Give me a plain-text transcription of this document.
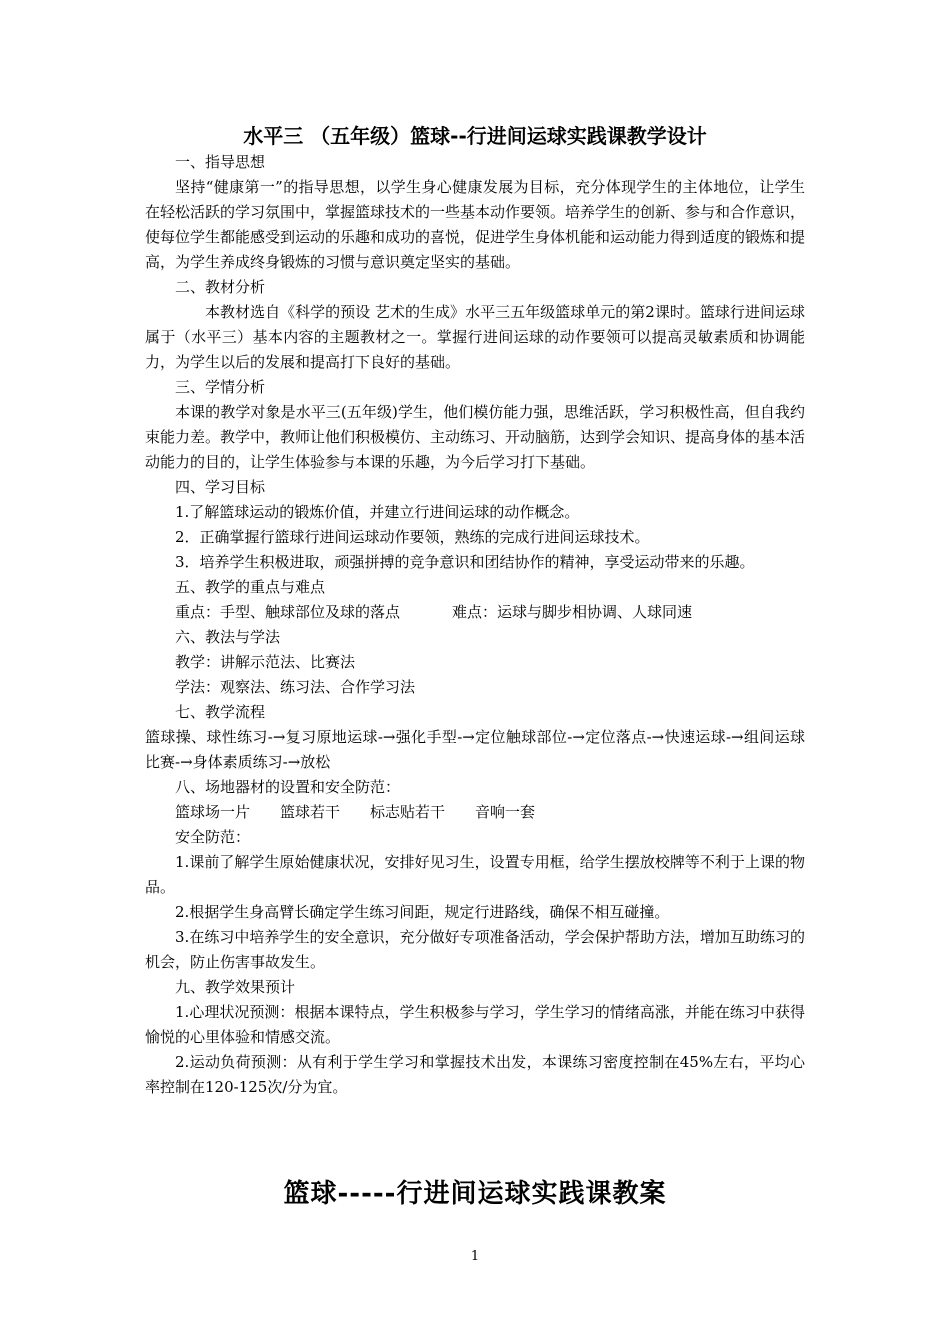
水平三 （五年级）篮球--行进间运球实践课教学设计

一、指导思想

坚持“健康第一”的指导思想，以学生身心健康发展为目标，充分体现学生的主体地位，让学生在轻松活跃的学习氛围中，掌握篮球技术的一些基本动作要领。培养学生的创新、参与和合作意识，使每位学生都能感受到运动的乐趣和成功的喜悦，促进学生身体机能和运动能力得到适度的锻炼和提高，为学生养成终身锻炼的习惯与意识奠定坚实的基础。

二、教材分析

本教材选自《科学的预设 艺术的生成》水平三五年级篮球单元的第2课时。篮球行进间运球属于（水平三）基本内容的主题教材之一。掌握行进间运球的动作要领可以提高灵敏素质和协调能力，为学生以后的发展和提高打下良好的基础。

三、学情分析

本课的教学对象是水平三(五年级)学生，他们模仿能力强，思维活跃，学习积极性高，但自我约束能力差。教学中，教师让他们积极模仿、主动练习、开动脑筋，达到学会知识、提高身体的基本活动能力的目的，让学生体验参与本课的乐趣，为今后学习打下基础。

四、学习目标

1.了解篮球运动的锻炼价值，并建立行进间运球的动作概念。

2．正确掌握行篮球行进间运球动作要领，熟练的完成行进间运球技术。

3．培养学生积极进取，顽强拼搏的竞争意识和团结协作的精神，享受运动带来的乐趣。

五、教学的重点与难点

重点：手型、触球部位及球的落点	难点：运球与脚步相协调、人球同速

六、教法与学法

教学：讲解示范法、比赛法

学法：观察法、练习法、合作学习法

七、教学流程

篮球操、球性练习-→复习原地运球-→强化手型-→定位触球部位-→定位落点-→快速运球-→组间运球比赛-→身体素质练习-→放松

八、场地器材的设置和安全防范：

篮球场一片 篮球若干 标志贴若干 音响一套

安全防范：

1.课前了解学生原始健康状况，安排好见习生，设置专用框，给学生摆放校牌等不利于上课的物品。

2.根据学生身高臂长确定学生练习间距，规定行进路线，确保不相互碰撞。

3.在练习中培养学生的安全意识，充分做好专项准备活动，学会保护帮助方法，增加互助练习的机会，防止伤害事故发生。

九、教学效果预计

1.心理状况预测：根据本课特点，学生积极参与学习，学生学习的情绪高涨，并能在练习中获得愉悦的心里体验和情感交流。

2.运动负荷预测：从有利于学生学习和掌握技术出发，本课练习密度控制在45%左右，平均心率控制在120-125次/分为宜。

篮球-----行进间运球实践课教案
1
